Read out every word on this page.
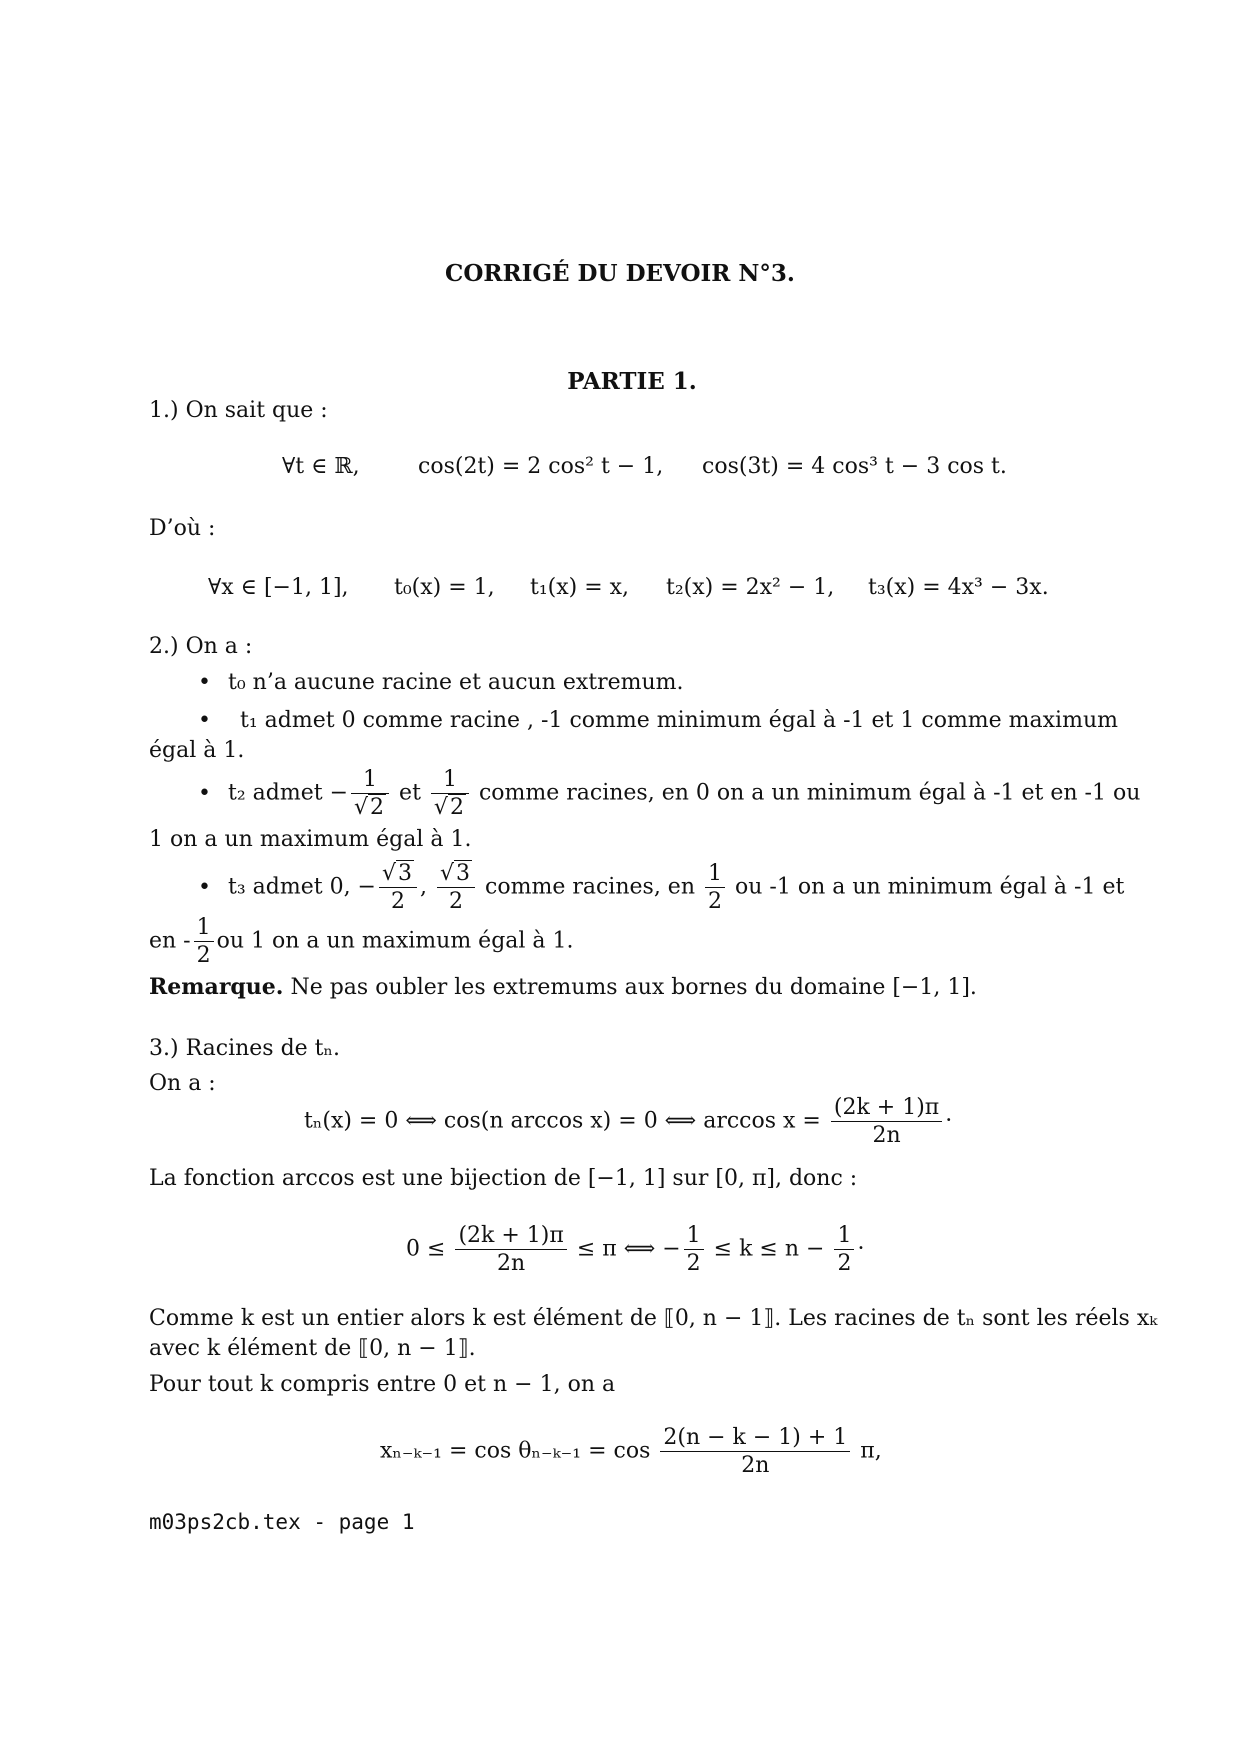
CORRIGÉ DU DEVOIR N°3.
PARTIE 1.
1.) On sait que :
∀t ∈ ℝ,	cos(2t) = 2 cos² t − 1, cos(3t) = 4 cos³ t − 3 cos t.
D’où :
∀x ∈ [−1, 1], t₀(x) = 1, t₁(x) = x, t₂(x) = 2x² − 1, t₃(x) = 4x³ − 3x.
2.) On a :
• t₀ n’a aucune racine et aucun extremum.
• t₁ admet 0 comme racine , -1 comme minimum égal à -1 et 1 comme maximum
égal à 1.
• t₂ admet − $\frac{1}{√2}$ et $\frac{1}{√2}$ comme racines, en 0 on a un minimum égal à -1 et en -1 ou
1 on a un maximum égal à 1.
• t₃ admet 0, − $\frac{√3}{2}$ , $\frac{√3}{2}$ comme racines, en $\frac{1}{2}$ ou -1 on a un minimum égal à -1 et
en - $\frac{1}{2}$ ou 1 on a un maximum égal à 1.
Remarque. Ne pas oubler les extremums aux bornes du domaine [−1, 1].
3.) Racines de tₙ.
On a :
tₙ(x) = 0 ⟺ cos(n arccos x) = 0 ⟺ $\arccos x = \frac{(2k + 1)\pi}{2n}$ ·
La fonction arccos est une bijection de [−1, 1] sur [0, π], donc :
$0 \le \frac{(2k + 1)\pi}{2n} \le \pi$ ⟺ − $\frac{1}{2} \le k \le n - \frac{1}{2}$ ·
Comme k est un entier alors k est élément de ⟦0, n − 1⟧. Les racines de tₙ sont les réels xₖ
avec k élément de ⟦0, n − 1⟧.
Pour tout k compris entre 0 et n − 1, on a
$x_{n-k-1} = \cos \theta_{n-k-1} = \cos \frac{2(n - k - 1) + 1}{2n} \pi$,
m03ps2cb.tex - page 1
